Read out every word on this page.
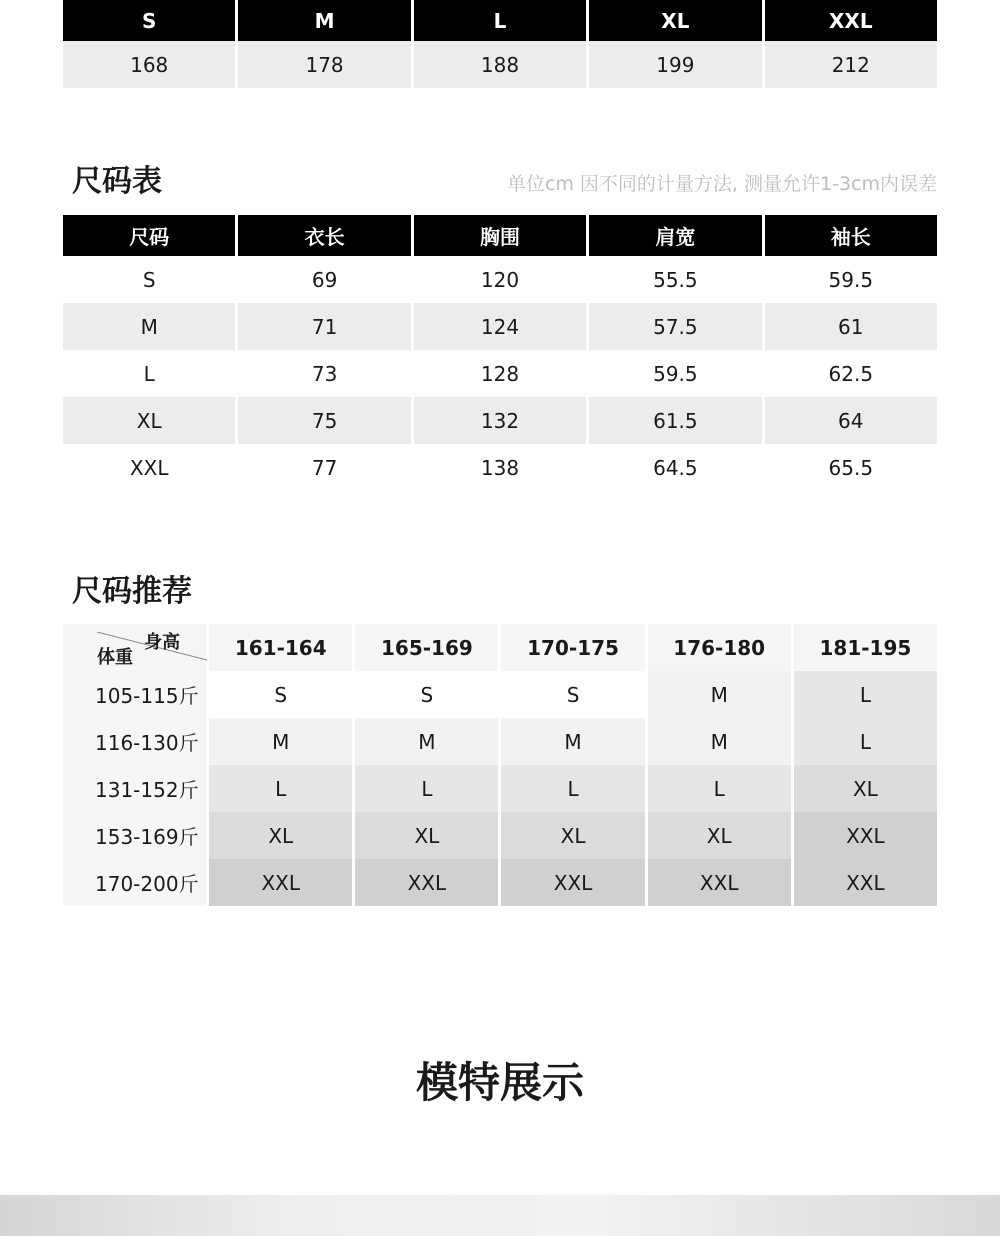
S	M	L	XL	XXL
168	178	188	199	212
尺码表	单位cm 因不同的计量方法, 测量允许1-3cm内误差
尺码	衣长	胸围	肩宽	袖长
S	69	120	55.5	59.5
M	71	124	57.5	61
L	73	128	59.5	62.5
XL	75	132	61.5	64
XXL	77	138	64.5	65.5
尺码推荐
身高
体重	161-164	165-169	170-175	176-180	181-195
105-115斤	S	S	S	M	L
116-130斤	M	M	M	M	L
131-152斤	L	L	L	L	XL
153-169斤	XL	XL	XL	XL	XXL
170-200斤	XXL	XXL	XXL	XXL	XXL
模特展示
